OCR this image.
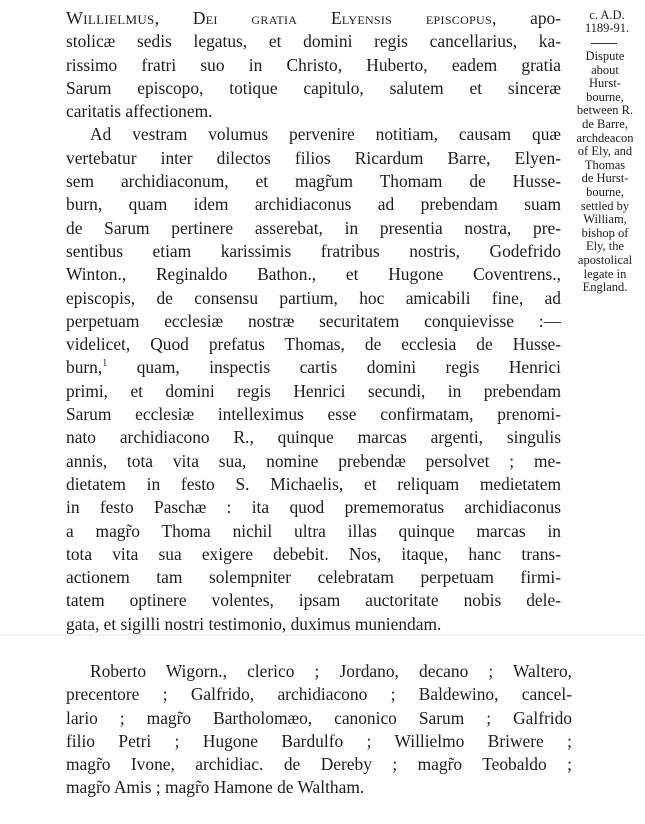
Willielmus, Dei gratia Elyensis episcopus, apo-
stolicæ sedis legatus, et domini regis cancellarius, ka-
rissimo fratri suo in Christo, Huberto, eadem gratia
Sarum episcopo, totique capitulo, salutem et sinceræ
caritatis affectionem.
Ad vestram volumus pervenire notitiam, causam quæ
vertebatur inter dilectos filios Ricardum Barre, Elyen-
sem archidiaconum, et magr̃um Thomam de Husse-
burn, quam idem archidiaconus ad prebendam suam
de Sarum pertinere asserebat, in presentia nostra, pre-
sentibus etiam karissimis fratribus nostris, Godefrido
Winton., Reginaldo Bathon., et Hugone Coventrens.,
episcopis, de consensu partium, hoc amicabili fine, ad
perpetuam ecclesiæ nostræ securitatem conquievisse :—
videlicet, Quod prefatus Thomas, de ecclesia de Husse-
burn,$^1$ quam, inspectis cartis domini regis Henrici
primi, et domini regis Henrici secundi, in prebendam
Sarum ecclesiæ intelleximus esse confirmatam, prenomi-
nato archidiacono R., quinque marcas argenti, singulis
annis, tota vita sua, nomine prebendæ persolvet ; me-
dietatem in festo S. Michaelis, et reliquam medietatem
in festo Paschæ : ita quod prememoratus archidiaconus
a magr̃o Thoma nichil ultra illas quinque marcas in
tota vita sua exigere debebit. Nos, itaque, hanc trans-
actionem tam solempniter celebratam perpetuam firmi-
tatem optinere volentes, ipsam auctoritate nobis dele-
gata, et sigilli nostri testimonio, duximus muniendam.
Roberto Wigorn., clerico ; Jordano, decano ; Waltero,
precentore ; Galfrido, archidiacono ; Baldewino, cancel-
lario ; magr̃o Bartholomæo, canonico Sarum ; Galfrido
filio Petri ; Hugone Bardulfo ; Willielmo Briwere ;
magr̃o Ivone, archidiac. de Dereby ; magr̃o Teobaldo ;
magr̃o Amis ; magr̃o Hamone de Waltham.
c. A.D.
1189-91.
Dispute
about
Hurst-
bourne,
between R.
de Barre,
archdeacon
of Ely, and
Thomas
de Hurst-
bourne,
settled by
William,
bishop of
Ely, the
apostolical
legate in
England.
